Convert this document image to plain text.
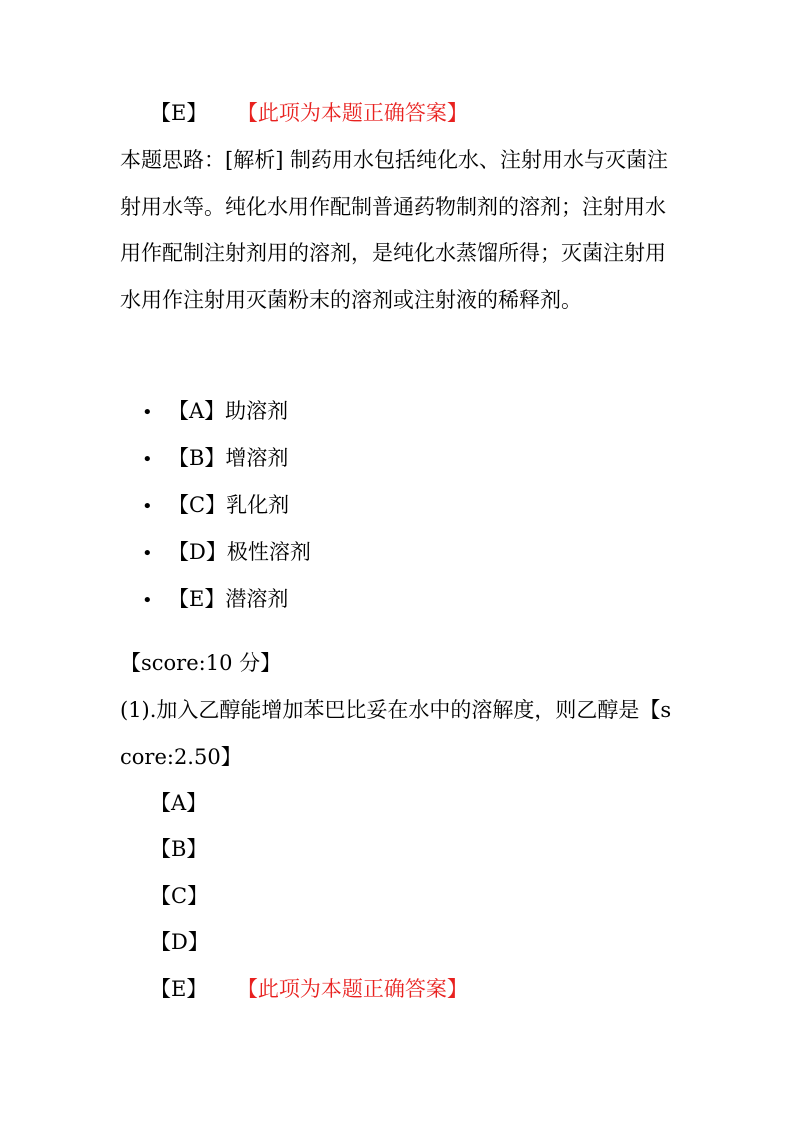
【E】 【此项为本题正确答案】
本题思路：[解析] 制药用水包括纯化水、注射用水与灭菌注射用水等。纯化水用作配制普通药物制剂的溶剂；注射用水用作配制注射剂用的溶剂，是纯化水蒸馏所得；灭菌注射用水用作注射用灭菌粉末的溶剂或注射液的稀释剂。
• 【A】助溶剂
• 【B】增溶剂
• 【C】乳化剂
• 【D】极性溶剂
• 【E】潜溶剂
【score:10 分】
(1).加入乙醇能增加苯巴比妥在水中的溶解度，则乙醇是【score:2.50】
【A】
【B】
【C】
【D】
【E】 【此项为本题正确答案】
